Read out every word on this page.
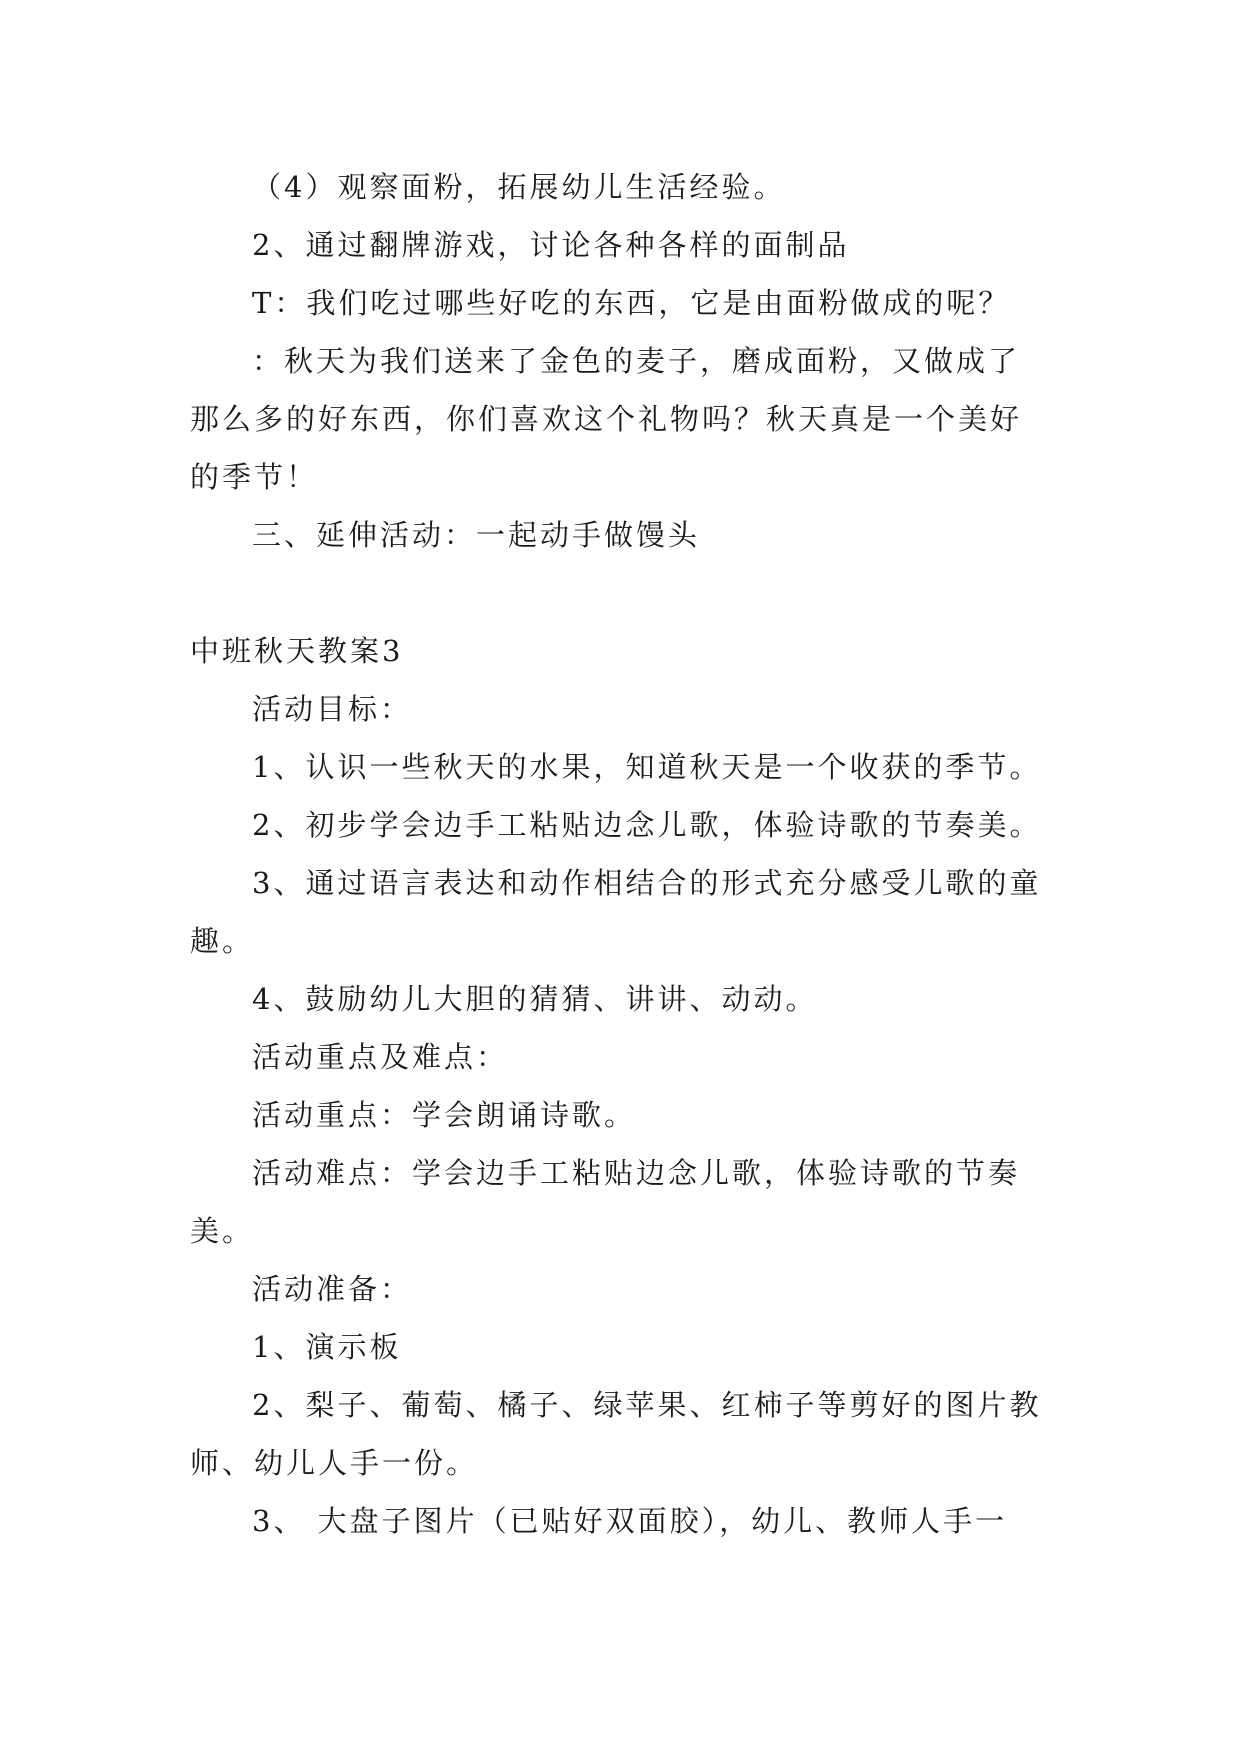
（4）观察面粉，拓展幼儿生活经验。

2、通过翻牌游戏，讨论各种各样的面制品

T：我们吃过哪些好吃的东西，它是由面粉做成的呢？

：秋天为我们送来了金色的麦子，磨成面粉，又做成了那么多的好东西，你们喜欢这个礼物吗？秋天真是一个美好的季节！

三、延伸活动：一起动手做馒头

中班秋天教案3

活动目标：

1、认识一些秋天的水果，知道秋天是一个收获的季节。

2、初步学会边手工粘贴边念儿歌，体验诗歌的节奏美。

3、通过语言表达和动作相结合的形式充分感受儿歌的童趣。

4、鼓励幼儿大胆的猜猜、讲讲、动动。

活动重点及难点：

活动重点：学会朗诵诗歌。

活动难点：学会边手工粘贴边念儿歌，体验诗歌的节奏美。

活动准备：

1、演示板

2、梨子、葡萄、橘子、绿苹果、红柿子等剪好的图片教师、幼儿人手一份。

3、 大盘子图片（已贴好双面胶），幼儿、教师人手一
